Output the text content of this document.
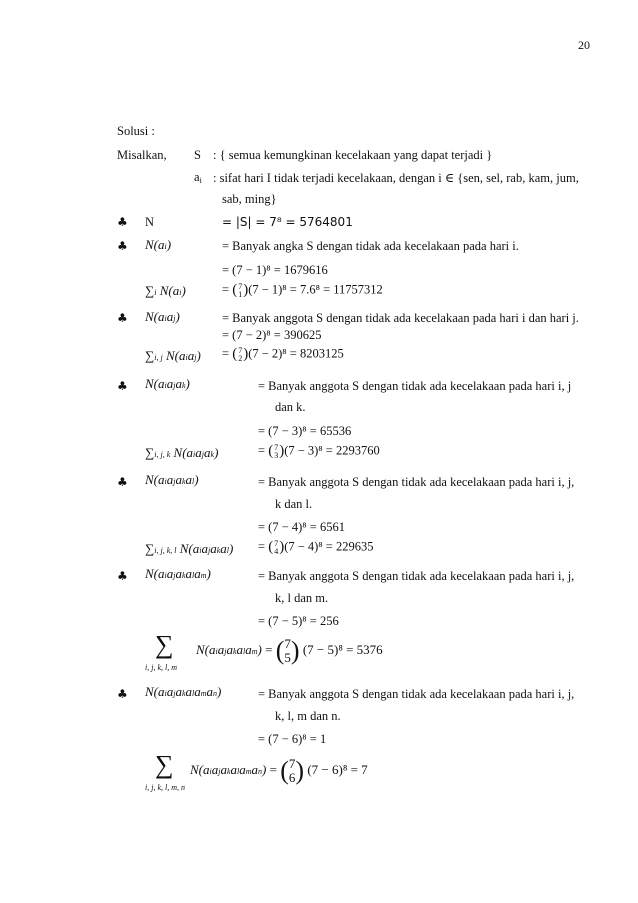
20
Solusi :
Misalkan, S : { semua kemungkinan kecelakaan yang dapat terjadi }
ai : sifat hari I tidak terjadi kecelakaan, dengan i ∈ {sen, sel, rab, kam, jum,
sab, ming}
♣ N	= |S| = 7⁸ = 5764801
♣ N(ai)	= Banyak angka S dengan tidak ada kecelakaan pada hari i.
= (7 − 1)⁸ = 1679616
∑i N(ai)	= ( 7
1 )(7 − 1)⁸ = 7.6⁸ = 11757312
♣ N(aiaj)	= Banyak anggota S dengan tidak ada kecelakaan pada hari i dan hari j.
= (7 − 2)⁸ = 390625
∑i, j N(aiaj) = ( 7
2 )(7 − 2)⁸ = 8203125
♣ N(aiajak)	= Banyak anggota S dengan tidak ada kecelakaan pada hari i, j
dan k.
= (7 − 3)⁸ = 65536
∑i, j, k N(aiajak)	= ( 7
3 )(7 − 3)⁸ = 2293760
♣ N(aiajakal)	= Banyak anggota S dengan tidak ada kecelakaan pada hari i, j,
k dan l.
= (7 − 4)⁸ = 6561
∑i, j, k, l N(aiajakal) = ( 7
4 )(7 − 4)⁸ = 229635
♣ N(aiajakalam)	= Banyak anggota S dengan tidak ada kecelakaan pada hari i, j,
k, l dan m.
= (7 − 5)⁸ = 256
∑
i, j, k, l, m
N(aiajakalam) = ( 7
5 ) (7 − 5)⁸ = 5376
♣ N(aiajakalaman)	= Banyak anggota S dengan tidak ada kecelakaan pada hari i, j,
k, l, m dan n.
= (7 − 6)⁸ = 1
∑
i, j, k, l, m, n
N(aiajakalaman) = ( 7
6 ) (7 − 6)⁸ = 7
